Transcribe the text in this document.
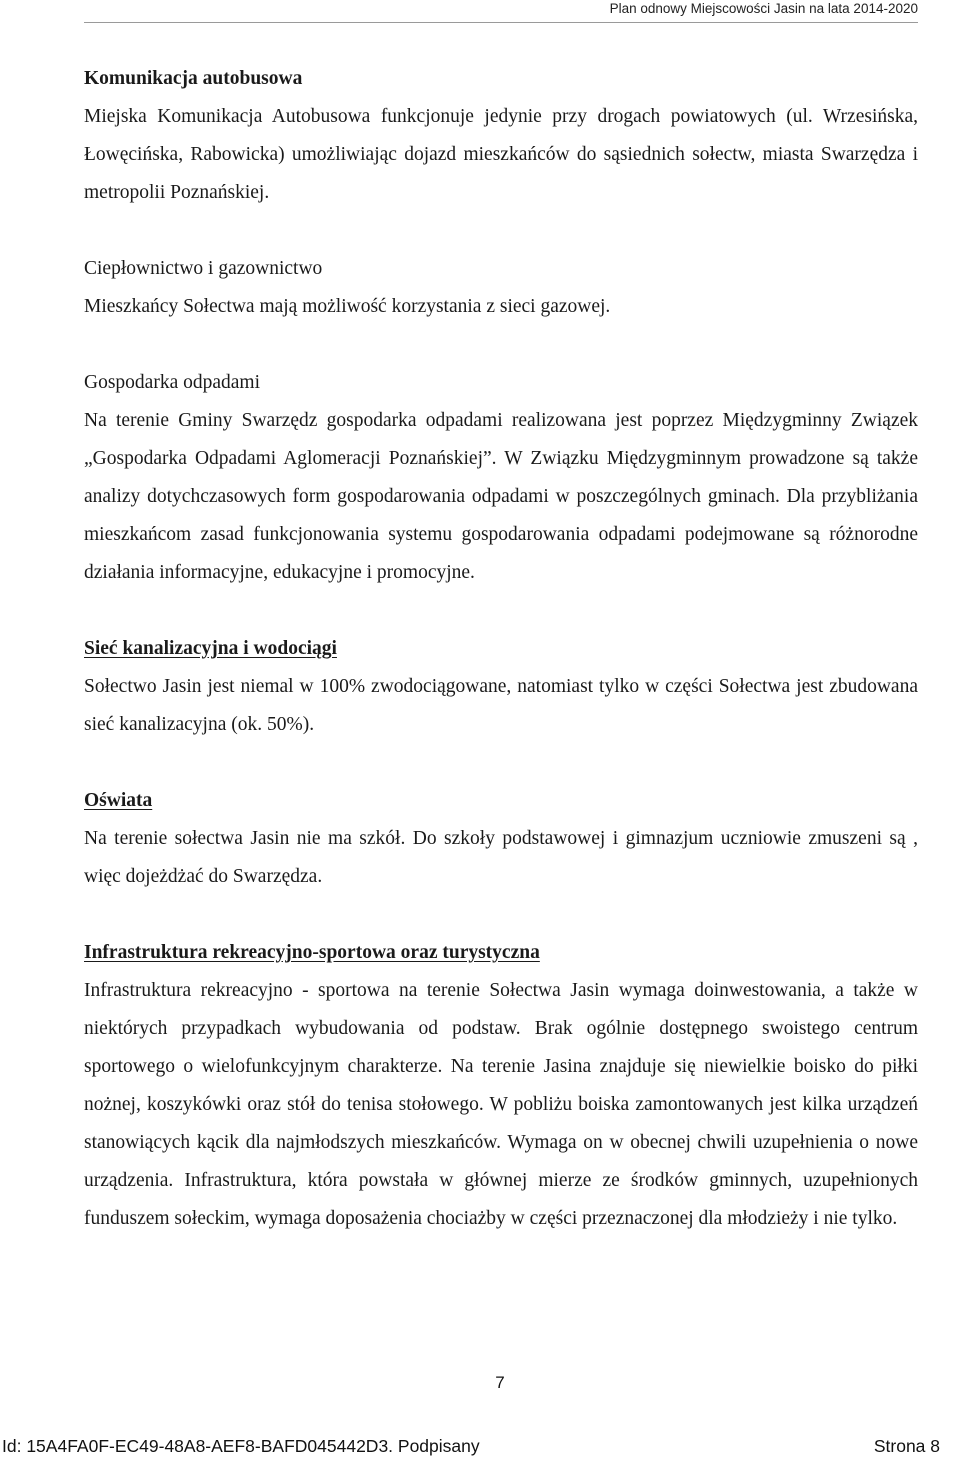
Plan odnowy Miejscowości Jasin na lata 2014-2020

Komunikacja autobusowa

Miejska Komunikacja Autobusowa funkcjonuje jedynie przy drogach powiatowych (ul. Wrzesińska, Łowęcińska, Rabowicka) umożliwiając dojazd mieszkańców do sąsiednich sołectw, miasta Swarzędza i metropolii Poznańskiej.

Ciepłownictwo i gazownictwo

Mieszkańcy Sołectwa mają możliwość korzystania z sieci gazowej.

Gospodarka odpadami

Na terenie Gminy Swarzędz gospodarka odpadami realizowana jest poprzez Międzygminny Związek „Gospodarka Odpadami Aglomeracji Poznańskiej”. W Związku Międzygminnym prowadzone są także analizy dotychczasowych form gospodarowania odpadami w poszczególnych gminach. Dla przybliżania mieszkańcom zasad funkcjonowania systemu gospodarowania odpadami podejmowane są różnorodne działania informacyjne, edukacyjne i promocyjne.

Sieć kanalizacyjna i wodociągi

Sołectwo Jasin jest niemal w 100% zwodociągowane, natomiast tylko w części Sołectwa jest zbudowana sieć kanalizacyjna (ok. 50%).

Oświata

Na terenie sołectwa Jasin nie ma szkół. Do szkoły podstawowej i gimnazjum uczniowie zmuszeni są , więc dojeżdżać do Swarzędza.

Infrastruktura rekreacyjno-sportowa oraz turystyczna

Infrastruktura rekreacyjno - sportowa na terenie Sołectwa Jasin wymaga doinwestowania, a także w niektórych przypadkach wybudowania od podstaw. Brak ogólnie dostępnego swoistego centrum sportowego o wielofunkcyjnym charakterze. Na terenie Jasina znajduje się niewielkie boisko do piłki nożnej, koszykówki oraz stół do tenisa stołowego. W pobliżu boiska zamontowanych jest kilka urządzeń stanowiących kącik dla najmłodszych mieszkańców. Wymaga on w obecnej chwili uzupełnienia o nowe urządzenia. Infrastruktura, która powstała w głównej mierze ze środków gminnych, uzupełnionych funduszem sołeckim, wymaga doposażenia chociażby w części przeznaczonej dla młodzieży i nie tylko.

7
Id: 15A4FA0F-EC49-48A8-AEF8-BAFD045442D3. Podpisany	Strona 8
